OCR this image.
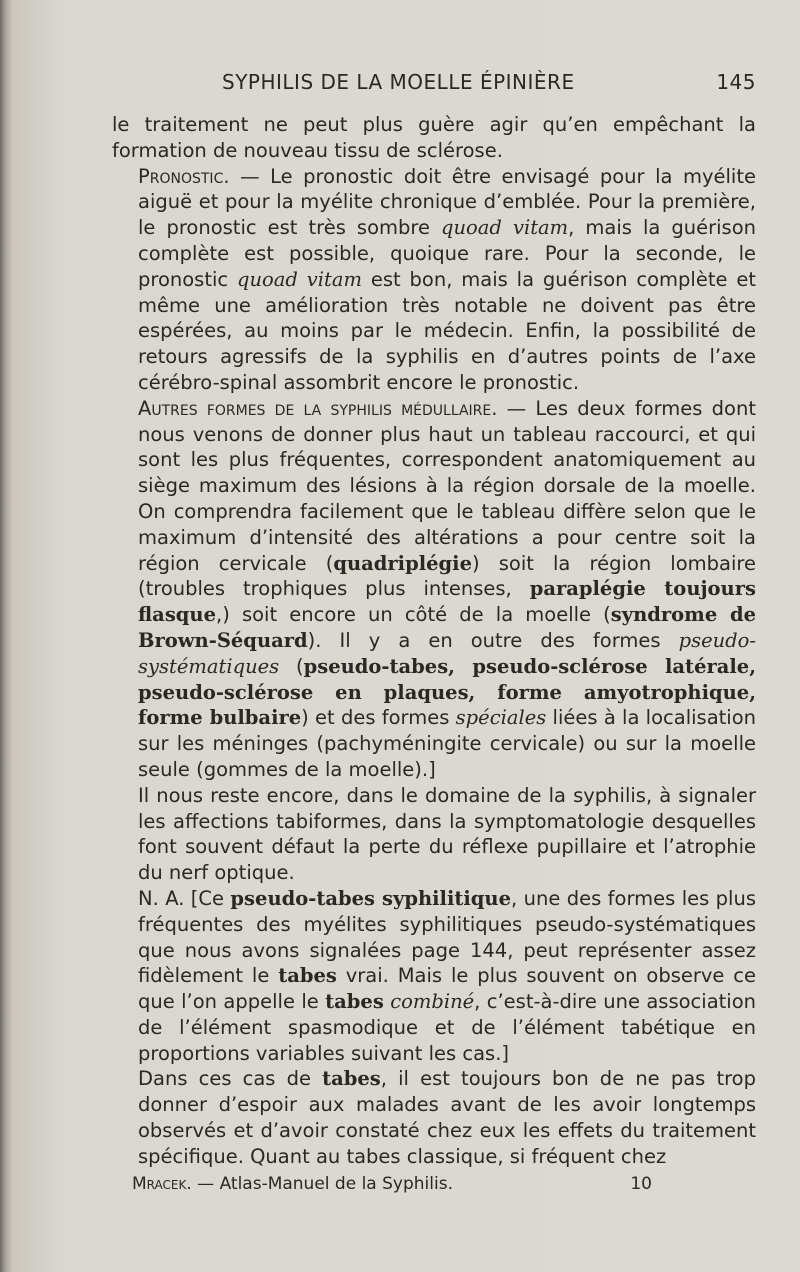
SYPHILIS DE LA MOELLE ÉPINIÈRE	145

le traitement ne peut plus guère agir qu’en empêchant la formation de nouveau tissu de sclérose.

Pronostic. — Le pronostic doit être envisagé pour la myélite aiguë et pour la myélite chronique d’emblée. Pour la première, le pronostic est très sombre quoad vitam, mais la guérison complète est possible, quoique rare. Pour la seconde, le pronostic quoad vitam est bon, mais la guérison complète et même une amélioration très notable ne doivent pas être espérées, au moins par le médecin. Enfin, la possibilité de retours agressifs de la syphilis en d’autres points de l’axe cérébro-spinal assombrit encore le pronostic.

Autres formes de la syphilis médullaire. — Les deux formes dont nous venons de donner plus haut un tableau raccourci, et qui sont les plus fréquentes, correspondent anatomiquement au siège maximum des lésions à la région dorsale de la moelle. On comprendra facilement que le tableau diffère selon que le maximum d’intensité des altérations a pour centre soit la région cervicale (quadriplégie) soit la région lombaire (troubles trophiques plus intenses, paraplégie toujours flasque,) soit encore un côté de la moelle (syndrome de Brown-Séquard). Il y a en outre des formes pseudo-systématiques (pseudo-tabes, pseudo-sclérose latérale, pseudo-sclérose en plaques, forme amyotrophique, forme bulbaire) et des formes spéciales liées à la localisation sur les méninges (pachyméningite cervicale) ou sur la moelle seule (gommes de la moelle).]

Il nous reste encore, dans le domaine de la syphilis, à signaler les affections tabiformes, dans la symptomatologie desquelles font souvent défaut la perte du réflexe pupillaire et l’atrophie du nerf optique.

N. A. [Ce pseudo-tabes syphilitique, une des formes les plus fréquentes des myélites syphilitiques pseudo-systématiques que nous avons signalées page 144, peut représenter assez fidèlement le tabes vrai. Mais le plus souvent on observe ce que l’on appelle le tabes combiné, c’est-à-dire une association de l’élément spasmodique et de l’élément tabétique en proportions variables suivant les cas.]

Dans ces cas de tabes, il est toujours bon de ne pas trop donner d’espoir aux malades avant de les avoir longtemps observés et d’avoir constaté chez eux les effets du traitement spécifique. Quant au tabes classique, si fréquent chez

Mracek. — Atlas-Manuel de la Syphilis.	10
